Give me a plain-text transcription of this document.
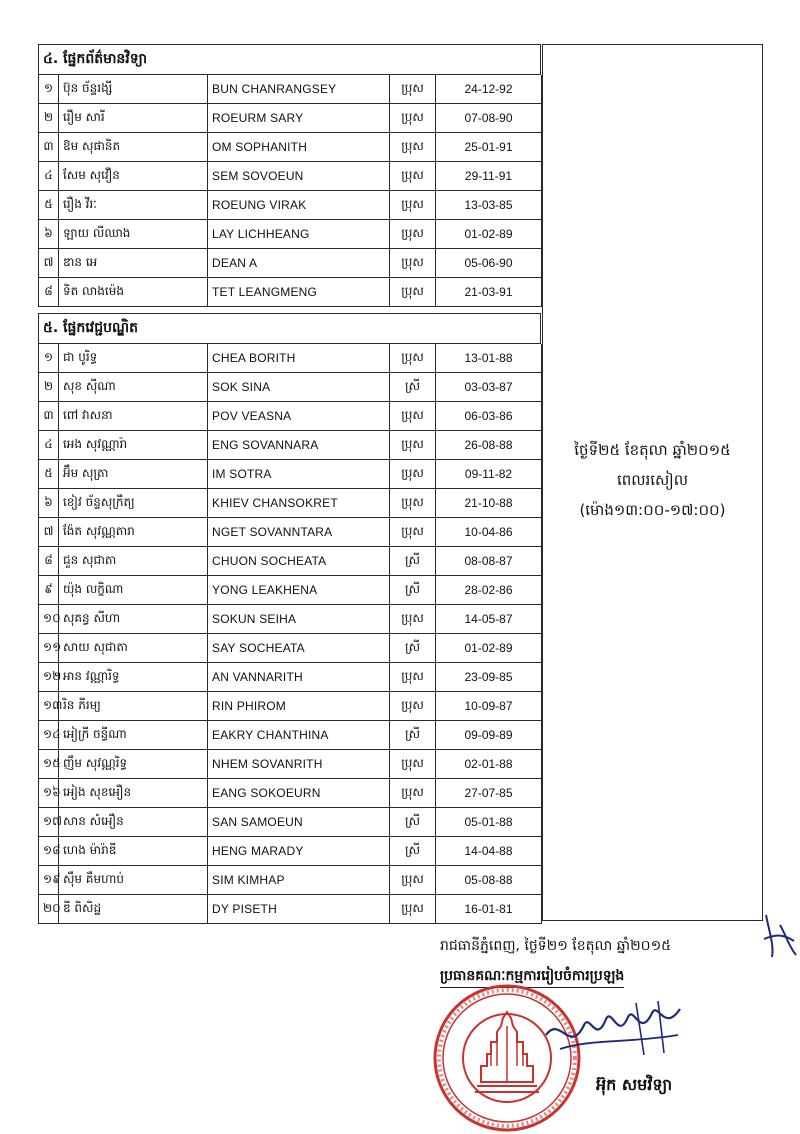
៤. ផ្នែកព័ត៌មានវិទ្យា				
១	ប៊ុន ច័ន្ទរង្សី	BUN CHANRANGSEY	ប្រុស	24-12-92
២	រឿម សារី	ROEURM SARY	ប្រុស	07-08-90
៣	ឱម សុផានិត	OM SOPHANITH	ប្រុស	25-01-91
៤	សែម សុវឿន	SEM SOVOEUN	ប្រុស	29-11-91
៥	រឿង វីរៈ	ROEUNG VIRAK	ប្រុស	13-03-85
៦	ឡាយ លីឈាង	LAY LICHHEANG	ប្រុស	01-02-89
៧	ឌាន អេ	DEAN A	ប្រុស	05-06-90
៨	ទិត លាងម៉េង	TET LEANGMENG	ប្រុស	21-03-91

៥. ផ្នែកវេជ្ជបណ្ឌិត				
១	ជា បូរិទ្ធ	CHEA BORITH	ប្រុស	13-01-88
២	សុខ ស៊ីណា	SOK SINA	ស្រី	03-03-87
៣	ពៅ វាសនា	POV VEASNA	ប្រុស	06-03-86
៤	អេង សុវណ្ណារ៉ា	ENG SOVANNARA	ប្រុស	26-08-88
៥	អ៊ឹម សុត្រា	IM SOTRA	ប្រុស	09-11-82
៦	ខៀវ ច័ន្ទសុក្រឹត្យ	KHIEV CHANSOKRET	ប្រុស	21-10-88
៧	ង៉ែត សុវណ្ណតារា	NGET SOVANNTARA	ប្រុស	10-04-86
៨	ជួន សុជាតា	CHUON SOCHEATA	ស្រី	08-08-87
៩	យ៉ុង លក្ខិណា	YONG LEAKHENA	ស្រី	28-02-86
១០	សុគន្ធ សីហា	SOKUN SEIHA	ប្រុស	14-05-87
១១	សាយ សុជាតា	SAY SOCHEATA	ស្រី	01-02-89
១២	អាន វណ្ណារិទ្ធ	AN VANNARITH	ប្រុស	23-09-85
១៣	រិន ភីរម្យ	RIN PHIROM	ប្រុស	10-09-87
១៤	អៀក្រី ចន្ធីណា	EAKRY CHANTHINA	ស្រី	09-09-89
១៥	ញឹម សុវណ្ណរិទ្ធ	NHEM SOVANRITH	ប្រុស	02-01-88
១៦	អៀង សុខអឿន	EANG SOKOEURN	ប្រុស	27-07-85
១៧	សាន សំអឿន	SAN SAMOEUN	ស្រី	05-01-88
១៨	ហេង ម៉ារ៉ាឌី	HENG MARADY	ស្រី	14-04-88
១៩	ស៊ឹម គឹមហាប់	SIM KIMHAP	ប្រុស	05-08-88
២០	ឌី ពិសិដ្ឋ	DY PISETH	ប្រុស	16-01-81
ថ្ងៃទី២៥ ខែតុលា ឆ្នាំ២០១៥
ពេលរសៀល
(ម៉ោង១៣:០០-១៧:០០)
រាជធានីភ្នំពេញ, ថ្ងៃទី២១ ខែតុលា ឆ្នាំ២០១៥
ប្រធានគណៈកម្មការរៀបចំការប្រឡង
អ៊ុក សមវិទ្យា
